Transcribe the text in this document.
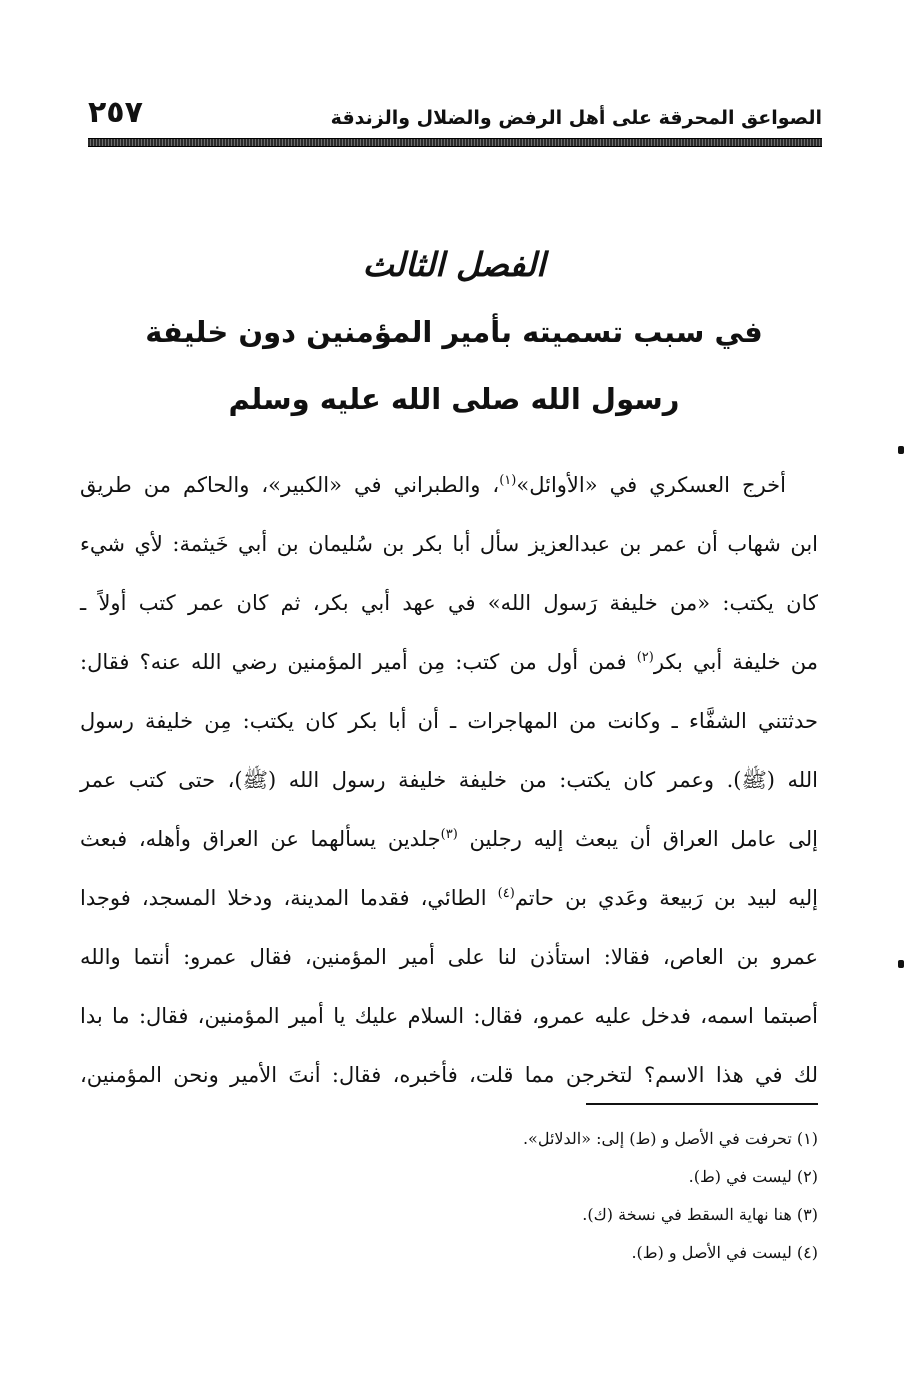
الصواعق المحرقة على أهل الرفض والضلال والزندقة
٢٥٧
الفصل الثالث
في سبب تسميته بأمير المؤمنين دون خليفة
رسول الله صلى الله عليه وسلم
أخرج العسكري في «الأوائل»$^{(١)}$، والطبراني في «الكبير»، والحاكم من طريق
ابن شهاب أن عمر بن عبدالعزيز سأل أبا بكر بن سُليمان بن أبي خَيثمة: لأي شيء
كان يكتب: «من خليفة رَسول الله» في عهد أبي بكر، ثم كان عمر كتب أولاً ـ
من خليفة أبي بكر$^{(٢)}$ فمن أول من كتب: مِن أمير المؤمنين رضي الله عنه؟ فقال:
حدثتني الشفَّاء ـ وكانت من المهاجرات ـ أن أبا بكر كان يكتب: مِن خليفة رسول
الله (ﷺ). وعمر كان يكتب: من خليفة خليفة رسول الله (ﷺ)، حتى كتب عمر
إلى عامل العراق أن يبعث إليه رجلين $^{(٣)}$جلدين يسألهما عن العراق وأهله، فبعث
إليه لبيد بن رَبيعة وعَدي بن حاتم$^{(٤)}$ الطائي، فقدما المدينة، ودخلا المسجد، فوجدا
عمرو بن العاص، فقالا: استأذن لنا على أمير المؤمنين، فقال عمرو: أنتما والله
أصبتما اسمه، فدخل عليه عمرو، فقال: السلام عليك يا أمير المؤمنين، فقال: ما بدا
لك في هذا الاسم؟ لتخرجن مما قلت، فأخبره، فقال: أنتَ الأمير ونحن المؤمنين،
(١) تحرفت في الأصل و (ط) إلى: «الدلائل».
(٢) ليست في (ط).
(٣) هنا نهاية السقط في نسخة (ك).
(٤) ليست في الأصل و (ط).
